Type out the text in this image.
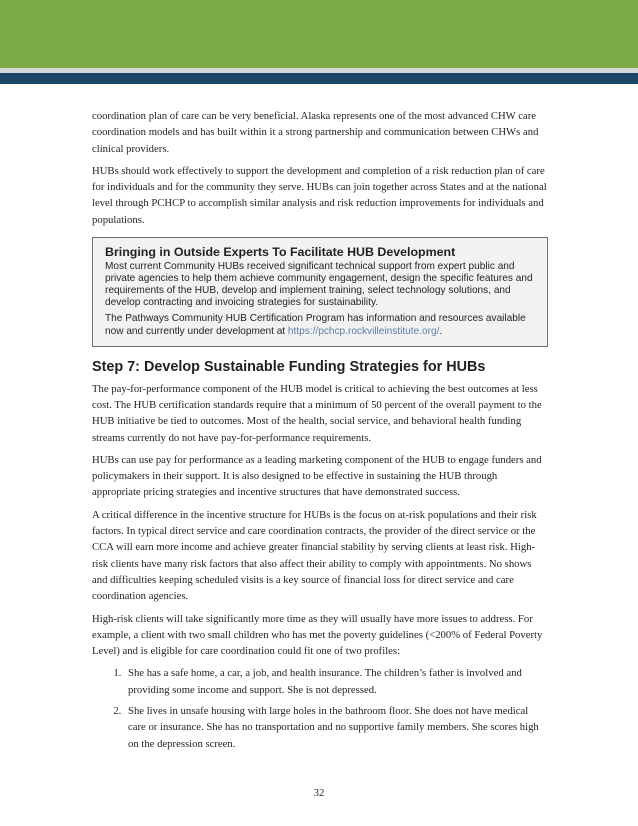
coordination plan of care can be very beneficial. Alaska represents one of the most advanced CHW care coordination models and has built within it a strong partnership and communication between CHWs and clinical providers.

HUBs should work effectively to support the development and completion of a risk reduction plan of care for individuals and for the community they serve. HUBs can join together across States and at the national level through PCHCP to accomplish similar analysis and risk reduction improvements for individuals and populations.

Bringing in Outside Experts To Facilitate HUB Development

Most current Community HUBs received significant technical support from expert public and private agencies to help them achieve community engagement, design the specific features and requirements of the HUB, develop and implement training, select technology solutions, and develop contracting and invoicing strategies for sustainability.

The Pathways Community HUB Certification Program has information and resources available now and currently under development at https://pchcp.rockvilleinstitute.org/.

Step 7: Develop Sustainable Funding Strategies for HUBs

The pay-for-performance component of the HUB model is critical to achieving the best outcomes at less cost. The HUB certification standards require that a minimum of 50 percent of the overall payment to the HUB initiative be tied to outcomes. Most of the health, social service, and behavioral health funding streams currently do not have pay-for-performance requirements.

HUBs can use pay for performance as a leading marketing component of the HUB to engage funders and policymakers in their support. It is also designed to be effective in sustaining the HUB through appropriate pricing strategies and incentive structures that have demonstrated success.

A critical difference in the incentive structure for HUBs is the focus on at-risk populations and their risk factors. In typical direct service and care coordination contracts, the provider of the direct service or the CCA will earn more income and achieve greater financial stability by serving clients at least risk. High-risk clients have many risk factors that also affect their ability to comply with appointments. No shows and difficulties keeping scheduled visits is a key source of financial loss for direct service and care coordination agencies.

High-risk clients will take significantly more time as they will usually have more issues to address. For example, a client with two small children who has met the poverty guidelines (<200% of Federal Poverty Level) and is eligible for care coordination could fit one of two profiles:

1. She has a safe home, a car, a job, and health insurance. The children’s father is involved and providing some income and support. She is not depressed.
2. She lives in unsafe housing with large holes in the bathroom floor. She does not have medical care or insurance. She has no transportation and no supportive family members. She scores high on the depression screen.
32
